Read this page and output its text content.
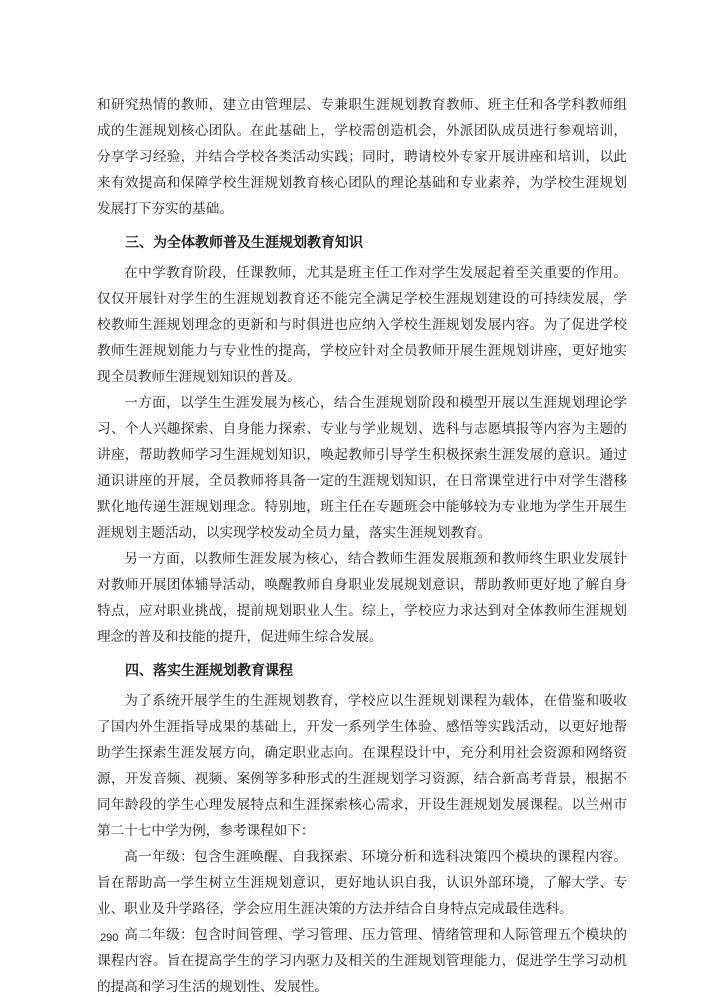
和研究热情的教师，建立由管理层、专兼职生涯规划教育教师、班主任和各学科教师组成的生涯规划核心团队。在此基础上，学校需创造机会，外派团队成员进行参观培训，分享学习经验，并结合学校各类活动实践；同时，聘请校外专家开展讲座和培训，以此来有效提高和保障学校生涯规划教育核心团队的理论基础和专业素养，为学校生涯规划发展打下夯实的基础。

三、为全体教师普及生涯规划教育知识

在中学教育阶段，任课教师，尤其是班主任工作对学生发展起着至关重要的作用。仅仅开展针对学生的生涯规划教育还不能完全满足学校生涯规划建设的可持续发展，学校教师生涯规划理念的更新和与时俱进也应纳入学校生涯规划发展内容。为了促进学校教师生涯规划能力与专业性的提高，学校应针对全员教师开展生涯规划讲座，更好地实现全员教师生涯规划知识的普及。

一方面，以学生生涯发展为核心，结合生涯规划阶段和模型开展以生涯规划理论学习、个人兴趣探索、自身能力探索、专业与学业规划、选科与志愿填报等内容为主题的讲座，帮助教师学习生涯规划知识，唤起教师引导学生积极探索生涯发展的意识。通过通识讲座的开展，全员教师将具备一定的生涯规划知识，在日常课堂进行中对学生潜移默化地传递生涯规划理念。特别地，班主任在专题班会中能够较为专业地为学生开展生涯规划主题活动，以实现学校发动全员力量，落实生涯规划教育。

另一方面，以教师生涯发展为核心，结合教师生涯发展瓶颈和教师终生职业发展针对教师开展团体辅导活动，唤醒教师自身职业发展规划意识，帮助教师更好地了解自身特点，应对职业挑战，提前规划职业人生。综上，学校应力求达到对全体教师生涯规划理念的普及和技能的提升，促进师生综合发展。

四、落实生涯规划教育课程

为了系统开展学生的生涯规划教育，学校应以生涯规划课程为载体，在借鉴和吸收了国内外生涯指导成果的基础上，开发一系列学生体验、感悟等实践活动，以更好地帮助学生探索生涯发展方向，确定职业志向。在课程设计中，充分利用社会资源和网络资源，开发音频、视频、案例等多种形式的生涯规划学习资源，结合新高考背景，根据不同年龄段的学生心理发展特点和生涯探索核心需求，开设生涯规划发展课程。以兰州市第二十七中学为例，参考课程如下：

高一年级：包含生涯唤醒、自我探索、环境分析和选科决策四个模块的课程内容。旨在帮助高一学生树立生涯规划意识，更好地认识自我，认识外部环境，了解大学、专业、职业及升学路径，学会应用生涯决策的方法并结合自身特点完成最佳选科。

高二年级：包含时间管理、学习管理、压力管理、情绪管理和人际管理五个模块的课程内容。旨在提高学生的学习内驱力及相关的生涯规划管理能力，促进学生学习动机的提高和学习生活的规划性、发展性。

290
